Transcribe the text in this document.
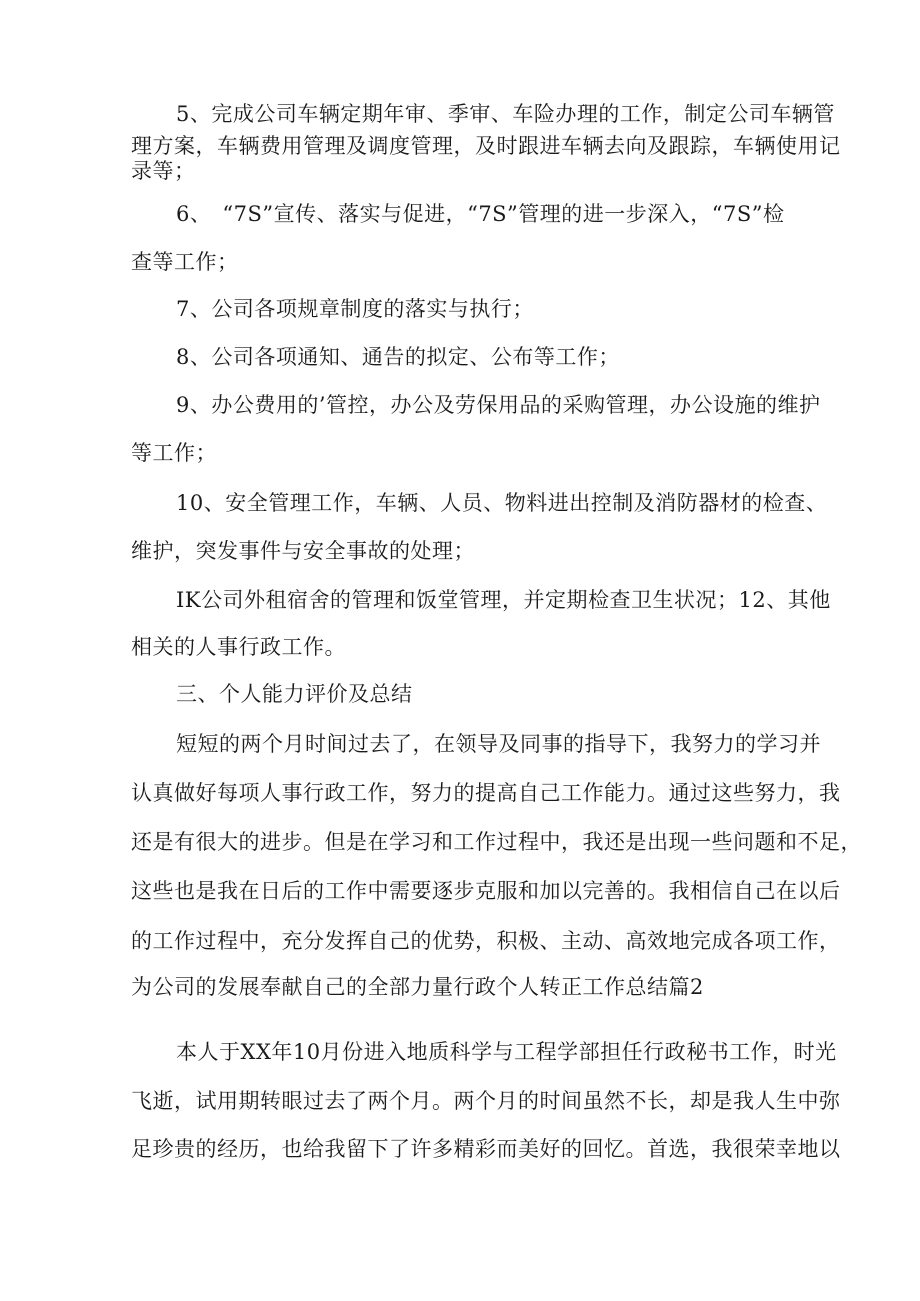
5、完成公司车辆定期年审、季审、车险办理的工作，制定公司车辆管
理方案，车辆费用管理及调度管理，及时跟进车辆去向及跟踪，车辆使用记
录等；
6、　“7S”宣传、落实与促进，“7S”管理的进一步深入，“7S”检
查等工作；
7、公司各项规章制度的落实与执行；
8、公司各项通知、通告的拟定、公布等工作；
9、办公费用的’管控，办公及劳保用品的采购管理，办公设施的维护
等工作；
10、安全管理工作，车辆、人员、物料进出控制及消防器材的检查、
维护，突发事件与安全事故的处理；
IK公司外租宿舍的管理和饭堂管理，并定期检查卫生状况；12、其他
相关的人事行政工作。
三、个人能力评价及总结
短短的两个月时间过去了，在领导及同事的指导下，我努力的学习并
认真做好每项人事行政工作，努力的提高自己工作能力。通过这些努力，我
还是有很大的进步。但是在学习和工作过程中，我还是出现一些问题和不足，
这些也是我在日后的工作中需要逐步克服和加以完善的。我相信自己在以后
的工作过程中，充分发挥自己的优势，积极、主动、高效地完成各项工作，
为公司的发展奉献自己的全部力量行政个人转正工作总结篇2
本人于XX年10月份进入地质科学与工程学部担任行政秘书工作，时光
飞逝，试用期转眼过去了两个月。两个月的时间虽然不长，却是我人生中弥
足珍贵的经历，也给我留下了许多精彩而美好的回忆。首选，我很荣幸地以
